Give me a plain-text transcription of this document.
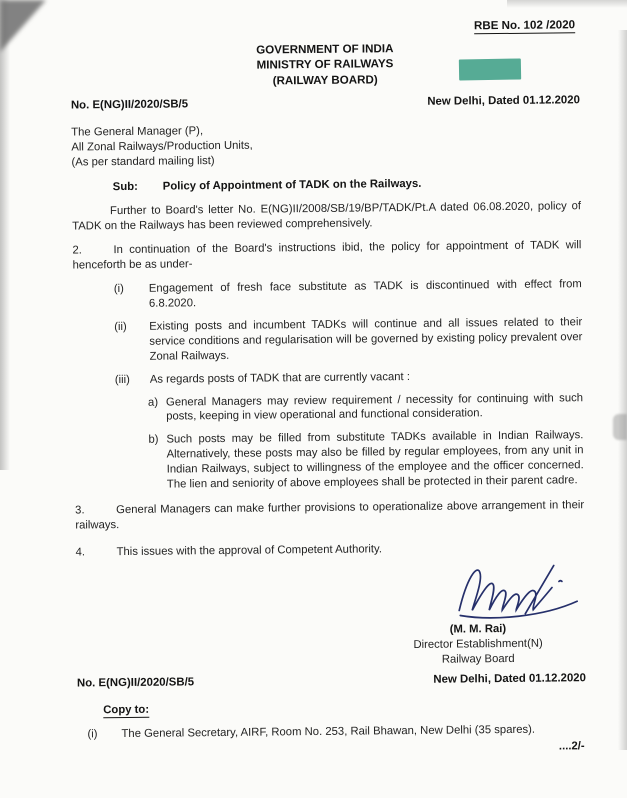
RBE No. 102 /2020
GOVERNMENT OF INDIA
MINISTRY OF RAILWAYS
(RAILWAY BOARD)
No. E(NG)II/2020/SB/5	New Delhi, Dated 01.12.2020
The General Manager (P),
All Zonal Railways/Production Units,
(As per standard mailing list)
Sub: Policy of Appointment of TADK on the Railways.

Further to Board's letter No. E(NG)II/2008/SB/19/BP/TADK/Pt.A dated 06.08.2020, policy of TADK on the Railways has been reviewed comprehensively.

2.	In continuation of the Board's instructions ibid, the policy for appointment of TADK will henceforth be as under-

(i)	Engagement of fresh face substitute as TADK is discontinued with effect from 6.8.2020.
(ii)	Existing posts and incumbent TADKs will continue and all issues related to their service conditions and regularisation will be governed by existing policy prevalent over Zonal Railways.
(iii)	As regards posts of TADK that are currently vacant :
a) General Managers may review requirement / necessity for continuing with such posts, keeping in view operational and functional consideration.
b) Such posts may be filled from substitute TADKs available in Indian Railways. Alternatively, these posts may also be filled by regular employees, from any unit in Indian Railways, subject to willingness of the employee and the officer concerned. The lien and seniority of above employees shall be protected in their parent cadre.

3.	General Managers can make further provisions to operationalize above arrangement in their railways.

4.	This issues with the approval of Competent Authority.

(M. M. Rai)
Director Establishment(N)
Railway Board
No. E(NG)II/2020/SB/5	New Delhi, Dated 01.12.2020
Copy to:
(i)	The General Secretary, AIRF, Room No. 253, Rail Bhawan, New Delhi (35 spares).
....2/-
